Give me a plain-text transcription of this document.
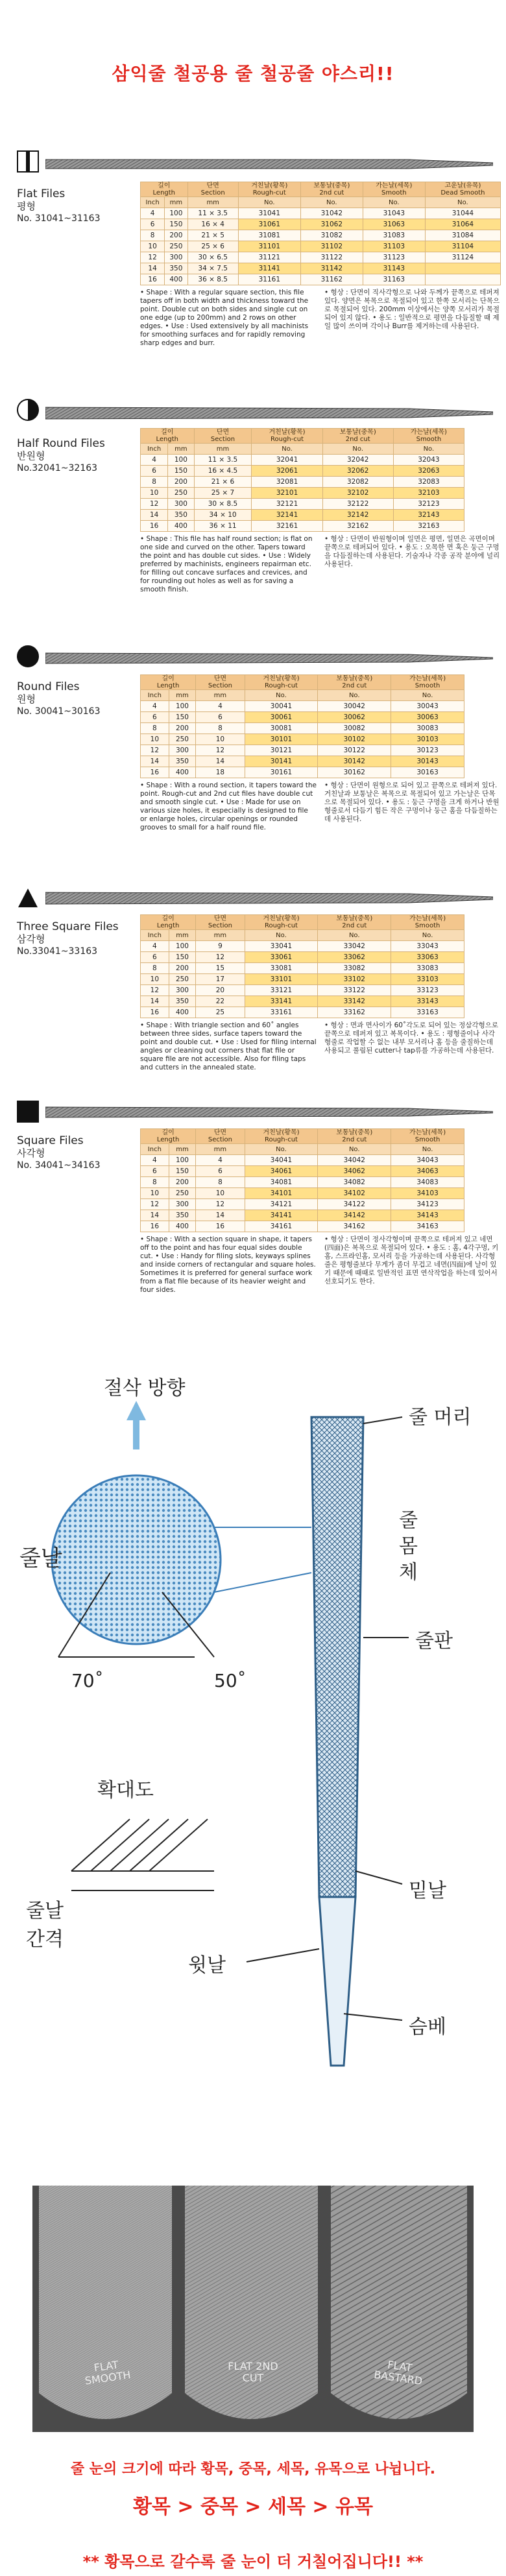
삼익줄 철공용 줄 철공줄 야스리!!
Flat Files
평형
No. 31041~31163
길이
Length		단면
Section	거친날(황목)
Rough-cut	보통날(중목)
2nd cut	가는날(세목)
Smooth	고운날(유목)
Dead Smooth
Inch	mm	mm	No.	No.	No.	No.
4	100	11 × 3.5	31041	31042	31043	31044
6	150	16 × 4	31061	31062	31063	31064
8	200	21 × 5	31081	31082	31083	31084
10	250	25 × 6	31101	31102	31103	31104
12	300	30 × 6.5	31121	31122	31123	31124
14	350	34 × 7.5	31141	31142	31143	
16	400	36 × 8.5	31161	31162	31163	

• Shape : With a regular square section, this file tapers off in both width and thickness toward the point. Double cut on both sides and single cut on one edge (up to 200mm) and 2 rows on other edges. • Use : Used extensively by all machinists for smoothing surfaces and for rapidly removing sharp edges and burr.

• 형상 : 단면이 직사각형으로 나와 두께가 끝쪽으로 테퍼져 있다. 양면은 복목으로 목절되어 있고 한쪽 모서리는 단목으로 목절되어 있다. 200mm 이상에서는 양쪽 모서리가 목절되어 있지 않다. • 용도 : 일반적으로 평면을 다듬질할 때 제일 많이 쓰이며 각이나 Burr를 제거하는데 사용된다.

Half Round Files
반원형
No.32041~32163
길이
Length		단면
Section	거친날(황목)
Rough-cut	보통날(중목)
2nd cut	가는날(세목)
Smooth
Inch	mm	mm	No.	No.	No.
4	100	11 × 3.5	32041	32042	32043
6	150	16 × 4.5	32061	32062	32063
8	200	21 × 6	32081	32082	32083
10	250	25 × 7	32101	32102	32103
12	300	30 × 8.5	32121	32122	32123
14	350	34 × 10	32141	32142	32143
16	400	36 × 11	32161	32162	32163

• Shape : This file has half round section; is flat on one side and curved on the other. Tapers toward the point and has double cut sides. • Use : Widely preferred by machinists, engineers repairman etc. for filling out concave surfaces and crevices, and for rounding out holes as well as for saving a smooth finish.

• 형상 : 단면이 반원형이며 일면은 평면, 일면은 곡면이며 끝쪽으로 테퍼되어 있다. • 용도 : 오목한 면 혹은 둥근 구멍을 다듬질하는데 사용된다. 기술자나 각종 공작 분야에 널리 사용된다.

Round Files
원형
No. 30041~30163
길이
Length		단면
Section	거친날(황목)
Rough-cut	보통날(중목)
2nd cut	가는날(세목)
Smooth
Inch	mm	mm	No.	No.	No.
4	100	4	30041	30042	30043
6	150	6	30061	30062	30063
8	200	8	30081	30082	30083
10	250	10	30101	30102	30103
12	300	12	30121	30122	30123
14	350	14	30141	30142	30143
16	400	18	30161	30162	30163

• Shape : With a round section, it tapers toward the point. Rough-cut and 2nd cut files have double cut and smooth single cut. • Use : Made for use on various size holes, it especially is designed to file or enlarge holes, circular openings or rounded grooves to small for a half round file.

• 형상 : 단면이 원형으로 되어 있고 끝쪽으로 테퍼져 있다. 거친날과 보통날은 복목으로 목절되어 있고 가는날은 단목으로 목절되어 있다. • 용도 : 둥근 구멍을 크게 하거나 반원형줄로서 다듬기 힘든 작은 구멍이나 둥근 홈을 다듬질하는데 사용된다.

Three Square Files
삼각형
No.33041~33163
길이
Length		단면
Section	거친날(황목)
Rough-cut	보통날(중목)
2nd cut	가는날(세목)
Smooth
Inch	mm	mm	No.	No.	No.
4	100	9	33041	33042	33043
6	150	12	33061	33062	33063
8	200	15	33081	33082	33083
10	250	17	33101	33102	33103
12	300	20	33121	33122	33123
14	350	22	33141	33142	33143
16	400	25	33161	33162	33163

• Shape : With triangle section and 60˚ angles between three sides, surface tapers toward the point and double cut. • Use : Used for filing internal angles or cleaning out corners that flat file or square file are not accessible. Also for filing taps and cutters in the annealed state.

• 형상 : 면과 면사이가 60˚각도로 되어 있는 정삼각형으로 끝쪽으로 테퍼져 있고 복목이다. • 용도 : 평형줄이나 사각형줄로 작업할 수 없는 내부 모서리나 홈 등을 줄질하는데 사용되고 풀림된 cutter나 tap류를 가공하는데 사용된다.

Square Files
사각형
No. 34041~34163
길이
Length		단면
Section	거친날(황목)
Rough-cut	보통날(중목)
2nd cut	가는날(세목)
Smooth
Inch	mm	mm	No.	No.	No.
4	100	4	34041	34042	34043
6	150	6	34061	34062	34063
8	200	8	34081	34082	34083
10	250	10	34101	34102	34103
12	300	12	34121	34122	34123
14	350	14	34141	34142	34143
16	400	16	34161	34162	34163

• Shape : With a section square in shape, it tapers off to the point and has four equal sides double cut. • Use : Handy for filing slots, keyways splines and inside corners of rectangular and square holes. Sometimes it is preferred for general surface work from a flat file because of its heavier weight and four sides.

• 형상 : 단면이 정사각형이며 끝쪽으로 테퍼져 있고 네면(四面)은 복목으로 목절되어 있다. • 용도 : 홈, 4각구멍, 키홈, 스프라인홈, 모서리 등을 가공하는데 사용된다. 사각형줄은 평형줄보다 무게가 좀더 무겁고 네면(四面)에 날이 있기 때문에 때때로 일반적인 표면 연삭작업을 하는데 있어서 선호되기도 한다.

절삭 방향
줄날
70˚	50˚
확대도
줄날 간격
줄 머리
줄몸체
줄판
밑날
윗날
슴베
FLAT SMOOTH
FLAT 2ND CUT
FLAT BASTARD
줄 눈의 크기에 따라 황목, 중목, 세목, 유목으로 나뉩니다.
황목 > 중목 > 세목 > 유목
** 황목으로 갈수록 줄 눈이 더 거칠어집니다!! **
